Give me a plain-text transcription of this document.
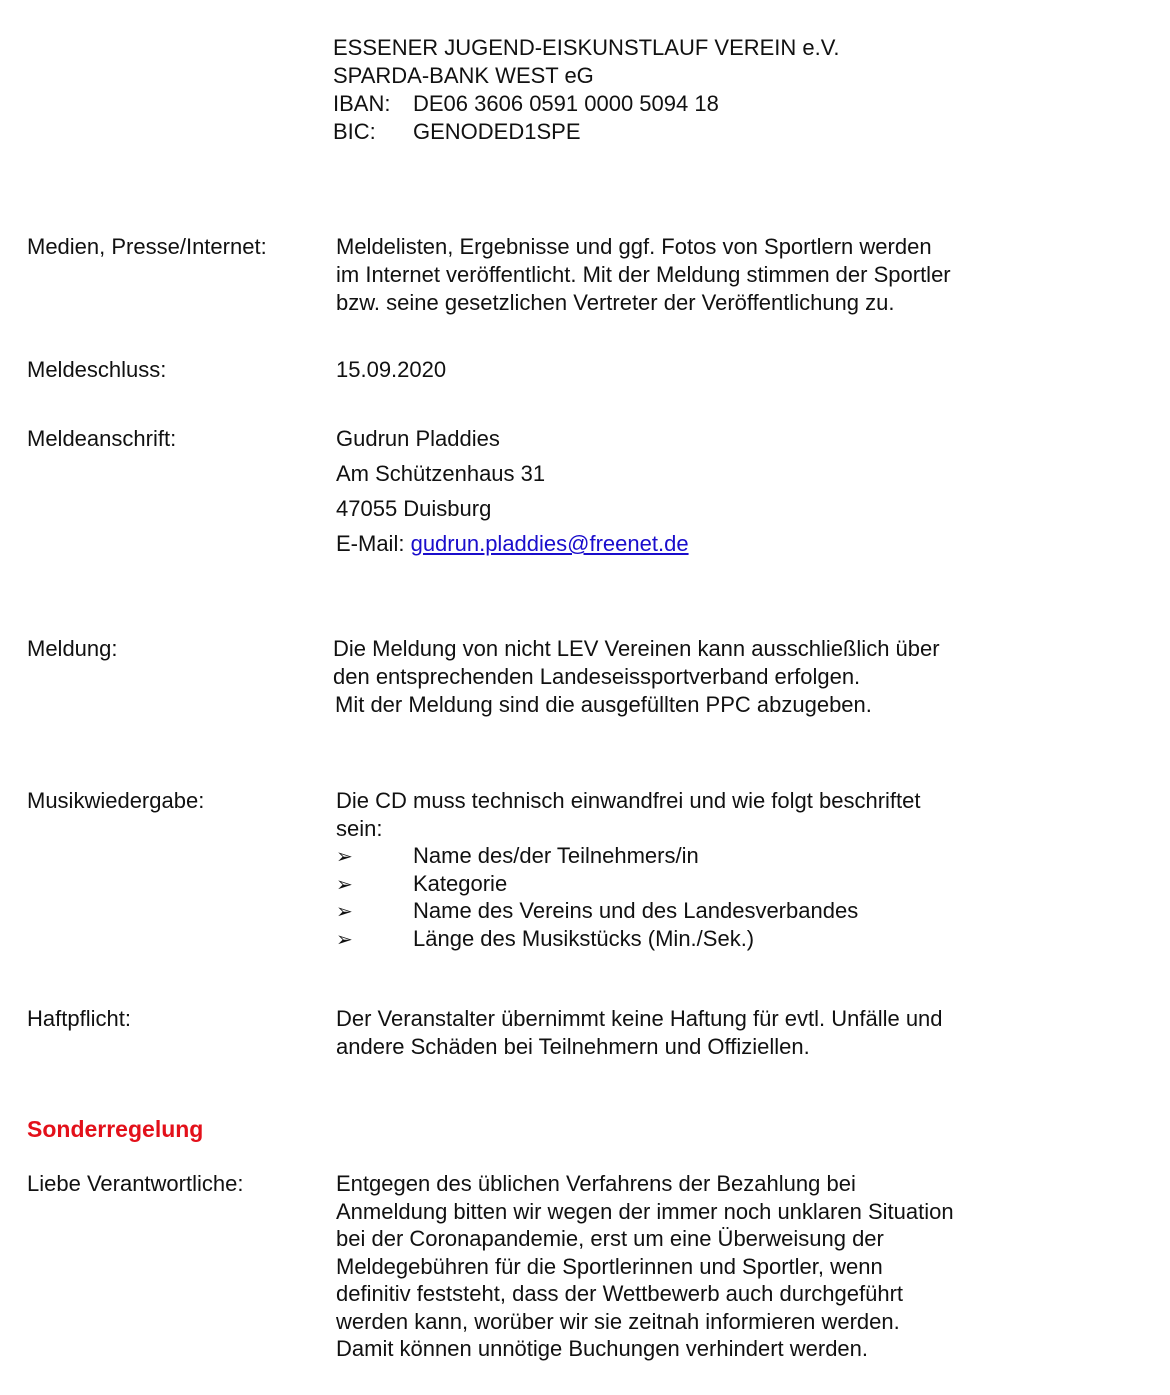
ESSENER JUGEND-EISKUNSTLAUF VEREIN e.V.
SPARDA-BANK WEST eG
IBAN: DE06 3606 0591 0000 5094 18
BIC: GENODED1SPE
Medien, Presse/Internet:	Meldelisten, Ergebnisse und ggf. Fotos von Sportlern werden
im Internet veröffentlicht. Mit der Meldung stimmen der Sportler
bzw. seine gesetzlichen Vertreter der Veröffentlichung zu.
Meldeschluss:	15.09.2020
Meldeanschrift:	Gudrun Pladdies
Am Schützenhaus 31
47055 Duisburg
E-Mail: gudrun.pladdies@freenet.de
Meldung:	Die Meldung von nicht LEV Vereinen kann ausschließlich über
den entsprechenden Landeseissportverband erfolgen.
Mit der Meldung sind die ausgefüllten PPC abzugeben.
Musikwiedergabe:	Die CD muss technisch einwandfrei und wie folgt beschriftet
sein:
➢	Name des/der Teilnehmers/in
➢	Kategorie
➢	Name des Vereins und des Landesverbandes
➢	Länge des Musikstücks (Min./Sek.)
Haftpflicht:	Der Veranstalter übernimmt keine Haftung für evtl. Unfälle und
andere Schäden bei Teilnehmern und Offiziellen.
Sonderregelung
Liebe Verantwortliche:	Entgegen des üblichen Verfahrens der Bezahlung bei
Anmeldung bitten wir wegen der immer noch unklaren Situation
bei der Coronapandemie, erst um eine Überweisung der
Meldegebühren für die Sportlerinnen und Sportler, wenn
definitiv feststeht, dass der Wettbewerb auch durchgeführt
werden kann, worüber wir sie zeitnah informieren werden.
Damit können unnötige Buchungen verhindert werden.
